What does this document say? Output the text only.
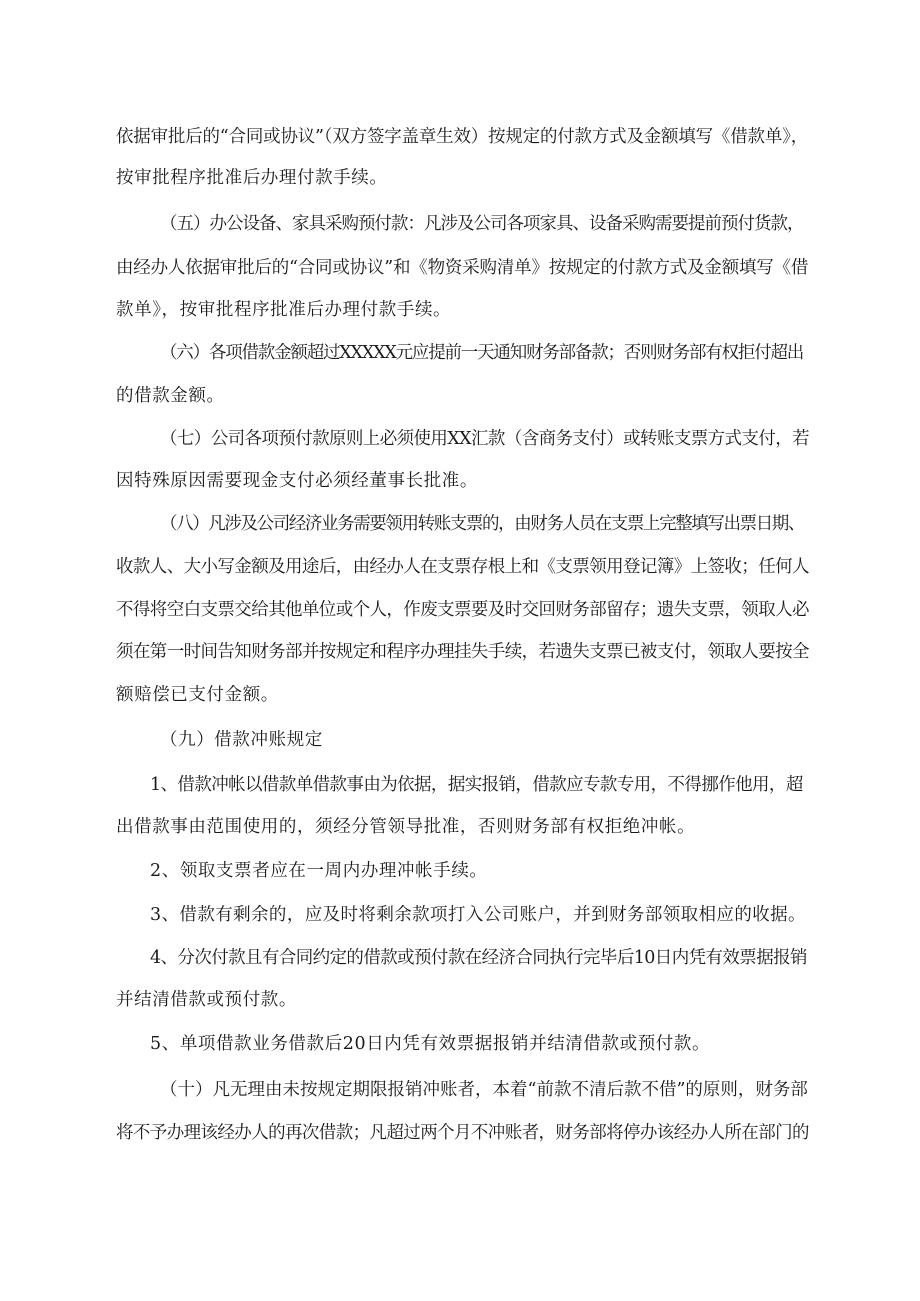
依据审批后的“合同或协议”（双方签字盖章生效）按规定的付款方式及金额填写《借款单》，
按审批程序批准后办理付款手续。
（五）办公设备、家具采购预付款：凡涉及公司各项家具、设备采购需要提前预付货款，
由经办人依据审批后的“合同或协议”和《物资采购清单》按规定的付款方式及金额填写《借
款单》，按审批程序批准后办理付款手续。
（六）各项借款金额超过XXXXX元应提前一天通知财务部备款；否则财务部有权拒付超出
的借款金额。
（七）公司各项预付款原则上必须使用XX汇款（含商务支付）或转账支票方式支付，若
因特殊原因需要现金支付必须经董事长批准。
（八）凡涉及公司经济业务需要领用转账支票的，由财务人员在支票上完整填写出票日期、
收款人、大小写金额及用途后，由经办人在支票存根上和《支票领用登记簿》上签收；任何人
不得将空白支票交给其他单位或个人，作废支票要及时交回财务部留存；遗失支票，领取人必
须在第一时间告知财务部并按规定和程序办理挂失手续，若遗失支票已被支付，领取人要按全
额赔偿已支付金额。
（九）借款冲账规定
1、借款冲帐以借款单借款事由为依据，据实报销，借款应专款专用，不得挪作他用，超
出借款事由范围使用的，须经分管领导批准，否则财务部有权拒绝冲帐。
2、领取支票者应在一周内办理冲帐手续。
3、借款有剩余的，应及时将剩余款项打入公司账户，并到财务部领取相应的收据。
4、分次付款且有合同约定的借款或预付款在经济合同执行完毕后10日内凭有效票据报销
并结清借款或预付款。
5、单项借款业务借款后20日内凭有效票据报销并结清借款或预付款。
（十）凡无理由未按规定期限报销冲账者，本着“前款不清后款不借”的原则，财务部
将不予办理该经办人的再次借款；凡超过两个月不冲账者，财务部将停办该经办人所在部门的
